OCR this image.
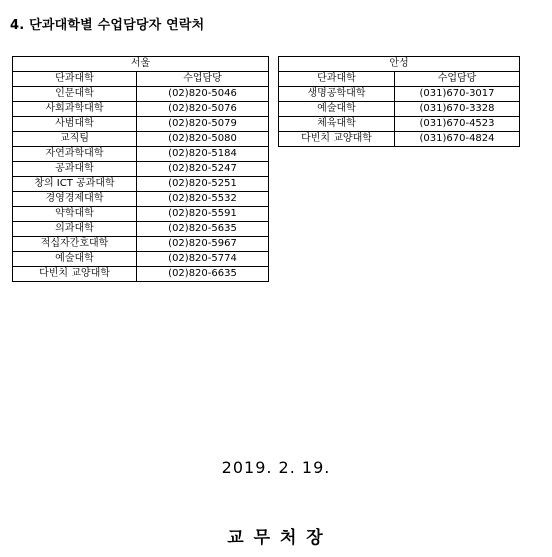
4. 단과대학별 수업담당자 연락처
서울	
단과대학	수업담당
인문대학	(02)820-5046
사회과학대학	(02)820-5076
사범대학	(02)820-5079
교직팀	(02)820-5080
자연과학대학	(02)820-5184
공과대학	(02)820-5247
창의 ICT 공과대학	(02)820-5251
경영경제대학	(02)820-5532
약학대학	(02)820-5591
의과대학	(02)820-5635
적십자간호대학	(02)820-5967
예술대학	(02)820-5774
다빈치 교양대학	(02)820-6635
안성	
단과대학	수업담당
생명공학대학	(031)670-3017
예술대학	(031)670-3328
체육대학	(031)670-4523
다빈치 교양대학	(031)670-4824
2019. 2. 19.
교 무 처 장
